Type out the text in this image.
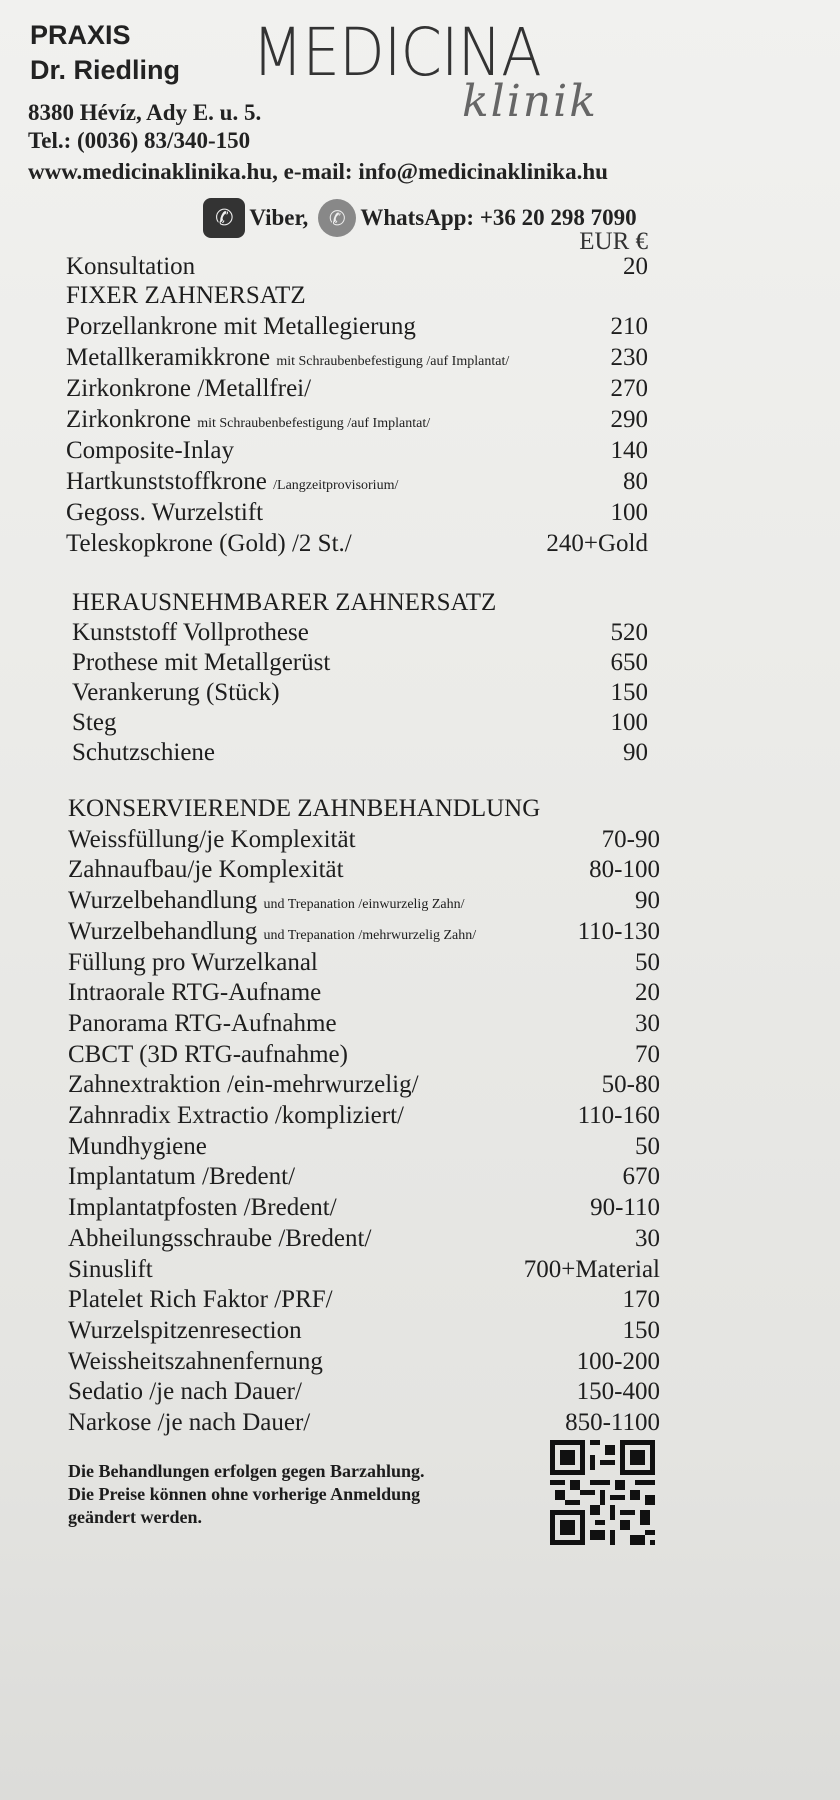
PRAXIS
Dr. Riedling MEDICINA
klinik
8380 Hévíz, Ady E. u. 5.
Tel.: (0036) 83/340-150
www.medicinaklinika.hu, e-mail: info@medicinaklinika.hu
✆ Viber,	✆ WhatsApp: +36 20 298 7090
EUR €
Konsultation	20
FIXER ZAHNERSATZ
Porzellankrone mit Metallegierung	210
Metallkeramikkrone mit Schraubenbefestigung /auf Implantat/	230
Zirkonkrone /Metallfrei/	270
Zirkonkrone mit Schraubenbefestigung /auf Implantat/	290
Composite-Inlay	140
Hartkunststoffkrone /Langzeitprovisorium/	80
Gegoss. Wurzelstift	100
Teleskopkrone (Gold) /2 St./	240+Gold
HERAUSNEHMBARER ZAHNERSATZ
Kunststoff Vollprothese	520
Prothese mit Metallgerüst	650
Verankerung (Stück)	150
Steg	100
Schutzschiene	90
KONSERVIERENDE ZAHNBEHANDLUNG
Weissfüllung/je Komplexität	70-90
Zahnaufbau/je Komplexität	80-100
Wurzelbehandlung und Trepanation /einwurzelig Zahn/	90
Wurzelbehandlung und Trepanation /mehrwurzelig Zahn/	110-130
Füllung pro Wurzelkanal	50
Intraorale RTG-Aufname	20
Panorama RTG-Aufnahme	30
CBCT (3D RTG-aufnahme)	70
Zahnextraktion /ein-mehrwurzelig/	50-80
Zahnradix Extractio /kompliziert/	110-160
Mundhygiene	50
Implantatum /Bredent/	670
Implantatpfosten /Bredent/	90-110
Abheilungsschraube /Bredent/	30
Sinuslift	700+Material
Platelet Rich Faktor /PRF/	170
Wurzelspitzenresection	150
Weissheitszahnenfernung	100-200
Sedatio /je nach Dauer/	150-400
Narkose /je nach Dauer/	850-1100
Die Behandlungen erfolgen gegen Barzahlung.
Die Preise können ohne vorherige Anmeldung
geändert werden.
